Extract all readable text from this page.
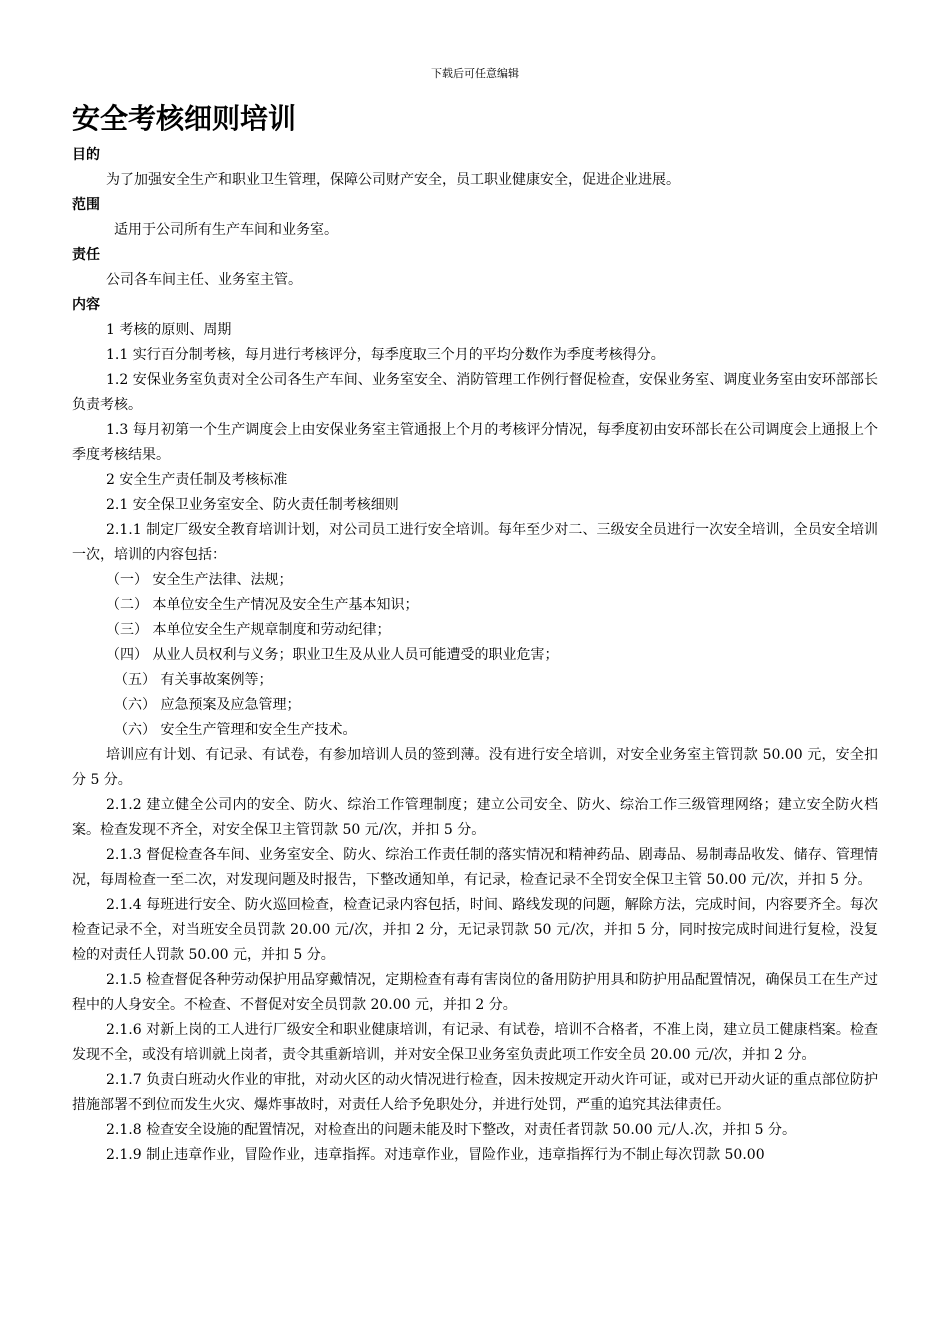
下载后可任意编辑
安全考核细则培训
目的

为了加强安全生产和职业卫生管理，保障公司财产安全，员工职业健康安全，促进企业进展。

范围

适用于公司所有生产车间和业务室。

责任

公司各车间主任、业务室主管。

内容

1 考核的原则、周期

1.1 实行百分制考核，每月进行考核评分，每季度取三个月的平均分数作为季度考核得分。

1.2 安保业务室负责对全公司各生产车间、业务室安全、消防管理工作例行督促检查，安保业务室、调度业务室由安环部部长负责考核。

1.3 每月初第一个生产调度会上由安保业务室主管通报上个月的考核评分情况，每季度初由安环部长在公司调度会上通报上个季度考核结果。

2 安全生产责任制及考核标准

2.1 安全保卫业务室安全、防火责任制考核细则

2.1.1 制定厂级安全教育培训计划，对公司员工进行安全培训。每年至少对二、三级安全员进行一次安全培训，全员安全培训一次，培训的内容包括：

（一） 安全生产法律、法规；

（二） 本单位安全生产情况及安全生产基本知识；

（三） 本单位安全生产规章制度和劳动纪律；

（四） 从业人员权利与义务；职业卫生及从业人员可能遭受的职业危害；

（五） 有关事故案例等；

（六） 应急预案及应急管理；

（六） 安全生产管理和安全生产技术。

培训应有计划、有记录、有试卷，有参加培训人员的签到薄。没有进行安全培训，对安全业务室主管罚款 50.00 元，安全扣分 5 分。

2.1.2 建立健全公司内的安全、防火、综治工作管理制度；建立公司安全、防火、综治工作三级管理网络；建立安全防火档案。检查发现不齐全，对安全保卫主管罚款 50 元/次，并扣 5 分。

2.1.3 督促检查各车间、业务室安全、防火、综治工作责任制的落实情况和精神药品、剧毒品、易制毒品收发、储存、管理情况，每周检查一至二次，对发现问题及时报告，下整改通知单，有记录，检查记录不全罚安全保卫主管 50.00 元/次，并扣 5 分。

2.1.4 每班进行安全、防火巡回检查，检查记录内容包括，时间、路线发现的问题，解除方法，完成时间，内容要齐全。每次检查记录不全，对当班安全员罚款 20.00 元/次，并扣 2 分，无记录罚款 50 元/次，并扣 5 分，同时按完成时间进行复检，没复检的对责任人罚款 50.00 元，并扣 5 分。

2.1.5 检查督促各种劳动保护用品穿戴情况，定期检查有毒有害岗位的备用防护用具和防护用品配置情况，确保员工在生产过程中的人身安全。不检查、不督促对安全员罚款 20.00 元，并扣 2 分。

2.1.6 对新上岗的工人进行厂级安全和职业健康培训，有记录、有试卷，培训不合格者，不准上岗，建立员工健康档案。检查发现不全，或没有培训就上岗者，责令其重新培训，并对安全保卫业务室负责此项工作安全员 20.00 元/次，并扣 2 分。

2.1.7 负责白班动火作业的审批，对动火区的动火情况进行检查，因未按规定开动火许可证，或对已开动火证的重点部位防护措施部署不到位而发生火灾、爆炸事故时，对责任人给予免职处分，并进行处罚，严重的追究其法律责任。

2.1.8 检查安全设施的配置情况，对检查出的问题未能及时下整改，对责任者罚款 50.00 元/人.次，并扣 5 分。

2.1.9 制止违章作业，冒险作业，违章指挥。对违章作业，冒险作业，违章指挥行为不制止每次罚款 50.00
